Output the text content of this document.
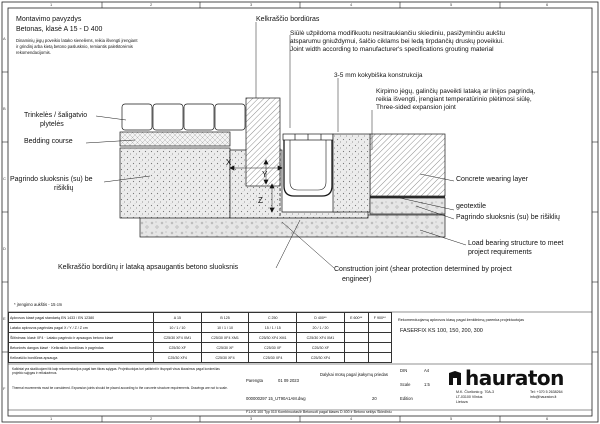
1	2	3	4	5	6
A
B
C
D
E
F
1	2	3	4	5	6
Montavimo pavyzdys
Betonas, klasė A 15 - D 400
Dinaminių jėgų poveikio latako sienelėms, reikia išvengti įrengiant
ir grindinį arba kietą betono paslusknio, remiantis paletktorėmis
rekomendacijomis.
Kelkraščio bordiūras
Siūlė užpildoma modifikuotu nesitraukiančiu skiediniu, pasižyminčiu aukštu
atsparumu gniuždymui, šalčio ciklams bei ledą tirpdančių druskų poveikiui.
Joint width according to manufacturer's specifications grouting material
3-5 mm kokybiška konstrukcija
Kirpimo jėgų, galinčių paveikti lataką ar linijos pagrindą,
reikia išvengti, įrengiant temperatūrinio plėtimosi siūlę,
Three-sided expansion joint
Trinkelės / šaligatvio
plytelės
Bedding course
Pagrindo sluoksnis (su) be
rišiklių
Concrete wearing layer
geotextile
Pagrindo sluoksnis (su) be rišiklių
Load bearing structure to meet
project requirements
Kelkraščio bordiūrų ir lataką apsaugantis betono sluoksnis	Construction joint (shear protection determined by project
engineer)
X
Y
Z
* įrengimo aukštis - 15 cm
Apkrovos klasė pagal standartą EN 1433 / EN 12380	A 15	B 125	C 250	D 400**	E 600**	F 900**
Latako apkrovos pagrindas pagal X / Y / Z / Z cm	10 / 1 / 10	10 / 1 / 10	15 / 1 / 15	20 / 1 / 20		
Šiltinimas: klasė XF4 · Latako pagrindo ir apsaugos betono klasė	C25/30 XF4 XM1	C25/30 XF4 XM1	C25/30 XF4 XM1	C25/30 XF4 XM1		
Betoninės dangos klasė · Kelkraščio bordiūras ir pagrindas	C25/30 XF	C25/30 XF	C25/30 XF	C25/30 XF		
Kelkraščio bordiūras apsauga	C25/30 XF4	C25/30 XF4	C25/30 XF4	C25/30 XF4		
Rekomenduojamą apkrovos klasę pagal ženklinimą parenka projektuotojas
FASERFIX KS 100, 150, 200, 300
Kalkiniai yra skaičiuojami tik kaip rekomendacijos pagal tam tikras sąlygas. Projektuotojas turi patikrinti ir išspręsti visus klausimus pagal konkrečias projekto sąlygas ir reikalavimus.
Thermal movements must be considered. Expansion joints should be placed according to the concrete structure requirements. Drawings are not to scale.
Parengta	01 09 2023
Dalykai mūsų pagal įsakymų priedas
000000297 15_UT90A1AM.dwg	20	Edition
DIN	A4
Scale	1:5
F1-KS 100 Typ 010 Kombinuotas/ir Betonuoti pagal klases D 400 ir Betono seklys Skiediniu
hauraton
M.K. Čiurlionio g. 70A-3
LT-03100 Vilnius
Lietuva
Tel: +370 5 2638264
info@hauraton.lt
